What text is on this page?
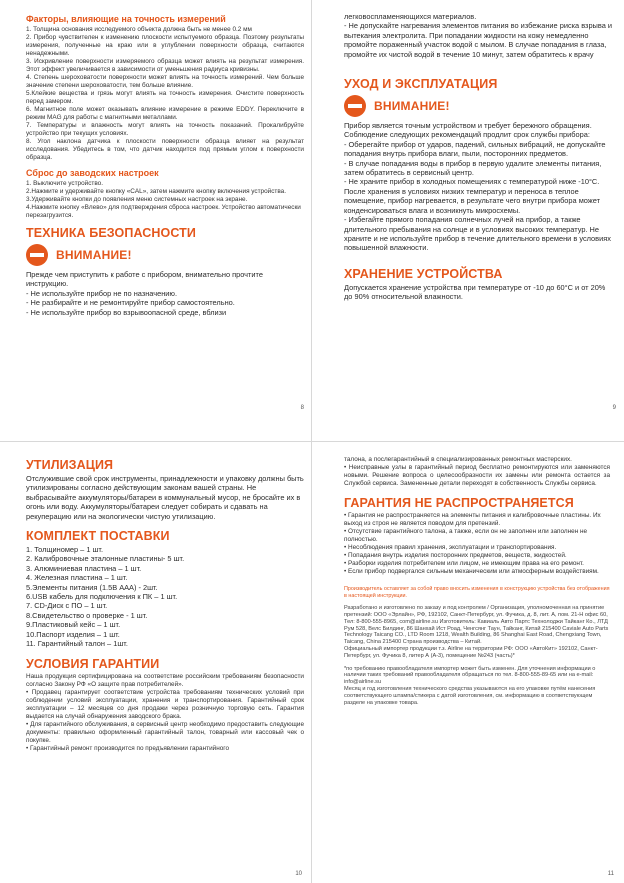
Факторы, влияющие на точность измерений

1. Толщина основания исследуемого объекта должна быть не менее 0.2 мм

2. Прибор чувствителен к изменению плоскости испытуемого образца. Поэтому результаты измерения, полученные на краю или в углублении поверхности образца, считаются ненадежными.

3. Искривление поверхности измеряемого образца может влиять на результат измерения. Этот эффект увеличивается в зависимости от уменьшения радиуса кривизны.

4. Степень шероховатости поверхности может влиять на точность измерений. Чем больше значение степени шероховатости, тем больше влияние.

5.Клейкие вещества и грязь могут влиять на точность измерения. Очистите поверхность перед замером.

6. Магнитное поле может оказывать влияние измерение в режиме EDDY. Переключите в режим MAG для работы с магнитными металлами.

7. Температуры и влажность могут влиять на точность показаний. Прокалибруйте устройство при текущих условиях.

8. Угол наклона датчика к плоскости поверхности образца влияет на результат исследования. Убедитесь в том, что датчик находится под прямым углом к поверхности образца.

Сброс до заводских настроек

1. Выключите устройство.

2.Нажмите и удерживайте кнопку «CAL», затем нажмите кнопку включения устройства.

3.Удерживайте кнопки до появления меню системных настроек на экране.

4.Нажмите кнопку «Влево» для подтверждения сброса настроек. Устройство автоматически перезагрузится.

ТЕХНИКА БЕЗОПАСНОСТИ
ВНИМАНИЕ!

Прежде чем приступить к работе с прибором, внимательно прочтите инструкцию.

- Не используйте прибор не по назначению.

- Не разбирайте и не ремонтируйте прибор самостоятельно.

- Не используйте прибор во взрывоопасной среде, вблизи

8

легковоспламеняющихся материалов.

- Не допускайте нагревания элементов питания во избежание риска взрыва и вытекания электролита. При попадании жидкости на кожу немедленно промойте пораженный участок водой с мылом. В случае попадания в глаза, промойте их чистой водой в течение 10 минут, затем обратитесь к врачу

УХОД И ЭКСПЛУАТАЦИЯ
ВНИМАНИЕ!

Прибор является точным устройством и требует бережного обращения. Соблюдение следующих рекомендаций продлит срок службы прибора:

- Оберегайте прибор от ударов, падений, сильных вибраций, не допускайте попадания внутрь прибора влаги, пыли, посторонних предметов.

- В случае попадания воды в прибор в первую удалите элементы питания, затем обратитесь в сервисный центр.

- Не храните прибор в холодных помещениях с температурой ниже -10°С. После хранения в условиях низких температур и переноса в теплое помещение, прибор нагревается, в результате чего внутри прибора может конденсироваться влага и возникнуть микросхемы.

- Избегайте прямого попадания солнечных лучей на прибор, а также длительного пребывания на солнце и в условиях высоких температур. Не храните и не используйте прибор в течение длительного времени в условиях повышенной влажности.

ХРАНЕНИЕ УСТРОЙСТВА

Допускается хранение устройства при температуре от -10 до 60°С и от 20% до 90% относительной влажности.

9
УТИЛИЗАЦИЯ

Отслужившие свой срок инструменты, принадлежности и упаковку должны быть утилизированы согласно действующим законам вашей страны. Не выбрасывайте аккумуляторы/батареи в коммунальный мусор, не бросайте их в огонь или воду. Аккумуляторы/батареи следует собирать и сдавать на рекуперацию или на экологически чистую утилизацию.

КОМПЛЕКТ ПОСТАВКИ

1. Толщиномер – 1 шт.

2. Калибровочные эталонные пластины- 5 шт.

3. Алюминиевая пластина – 1 шт.

4. Железная пластина – 1 шт.

5.Элементы питания (1.5В ААА) - 2шт.

6.USB кабель для подключения к ПК – 1 шт.

7. CD-Диск с ПО – 1 шт.

8.Свидетельство о проверке - 1 шт.

9.Пластиковый кейс – 1 шт.

10.Паспорт изделия – 1 шт.

11. Гарантийный талон – 1шт.

УСЛОВИЯ ГАРАНТИИ

Наша продукция сертифицирована на соответствие российским требованиям безопасности согласно Закону РФ «О защите прав потребителей».

• Продавец гарантирует соответствие устройства требованиям технических условий при соблюдении условий эксплуатации, хранения и транспортирования. Гарантийный срок эксплуатации – 12 месяцев со дня продажи через розничную торговую сеть. Гарантия выдается на случай обнаружения заводского брака.

• Для гарантийного обслуживания, в сервисный центр необходимо предоставить следующие документы: правильно оформленный гарантийный талон, товарный или кассовый чек о покупке.

• Гарантийный ремонт производится по предъявлении гарантийного

10

талона, а послегарантийный в специализированных ремонтных мастерских.

• Неисправные узлы в гарантийный период бесплатно ремонтируются или заменяются новыми. Решение вопроса о целесообразности их замены или ремонта остается за Службой сервиса. Замененные детали переходят в собственность Службы сервиса.

ГАРАНТИЯ НЕ РАСПРОСТРАНЯЕТСЯ

• Гарантия не распространяется на элементы питания и калибровочные пластины. Их выход из строя не является поводом для претензий.

• Отсутствие гарантийного талона, а также, если он не заполнен или заполнен не полностью.

• Несоблюдения правил хранения, эксплуатации и транспортирования.

• Попадания внутрь изделия посторонних предметов, веществ, жидкостей.

• Разборки изделия потребителем или лицом, не имеющим права на его ремонт.

• Если прибор подвергался сильным механическим или атмосферным воздействиям.

Производитель оставляет за собой право вносить изменения в конструкцию устройства без отображения в настоящей инструкции.

Разработано и изготовлено по заказу и под контролем / Организация, уполномоченная на принятие претензий: ООО «Эрлайн», РФ, 192102, Санкт-Петербург, ул. Фучика, д. 8, лит. А, пом. 21-Н офис 60, Тел: 8-800-555-8965, com@airline.su Изготовитель: Кавиаль Авто Партс Технолоджи Тайканг Ко., ЛТД Рум 528, Велс Билдинг, 86 Шанхай Ист Роад, Ченгсянг Таун, Тайканг, Китай 215400 Caviale Auto Parts Technology Taicang CO., LTD Room 1218, Wealth Building, 86 Shanghai East Road, Chengxiang Town, Taicang, China 215400 Страна производства – Китай.

Официальный импортер продукции т.з. Airline на территории РФ: ООО «АвтоКит» 192102, Санкт-Петербург, ул. Фучика 8, литер А (А-3), помещение №243 (часть)*

*по требованию правообладателя импортер может быть изменен. Для уточнения информации о наличии таких требований правообладателя обращаться по тел. 8-800-555-89-65 или на e-mail: info@airline.su

Месяц и год изготовления технического средства указываются на его упаковке путём нанесения соответствующего штампа/стикера с датой изготовления, см. информацию в соответствующем разделе на упаковке товара.

11
